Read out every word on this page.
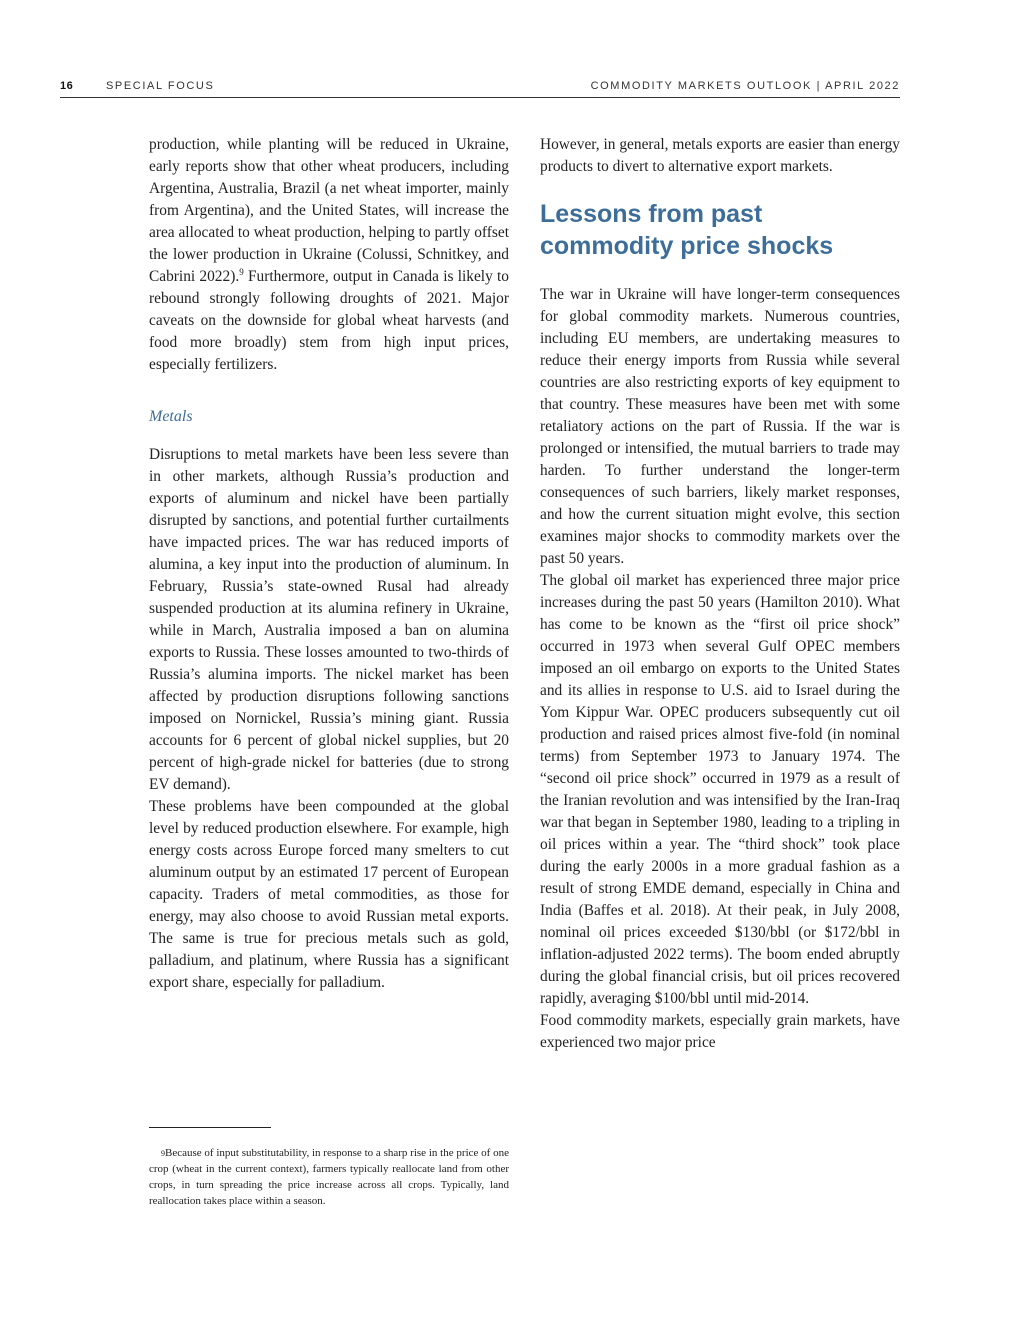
16	SPECIAL FOCUS	COMMODITY MARKETS OUTLOOK | APRIL 2022

production, while planting will be reduced in Ukraine, early reports show that other wheat producers, including Argentina, Australia, Brazil (a net wheat importer, mainly from Argentina), and the United States, will increase the area allocated to wheat production, helping to partly offset the lower production in Ukraine (Colussi, Schnitkey, and Cabrini 2022).$^9$ Furthermore, output in Canada is likely to rebound strongly following droughts of 2021. Major caveats on the downside for global wheat harvests (and food more broadly) stem from high input prices, especially fertilizers.

Metals

Disruptions to metal markets have been less severe than in other markets, although Russia’s production and exports of aluminum and nickel have been partially disrupted by sanctions, and potential further curtailments have impacted prices. The war has reduced imports of alumina, a key input into the production of aluminum. In February, Russia’s state-owned Rusal had already suspended production at its alumina refinery in Ukraine, while in March, Australia imposed a ban on alumina exports to Russia. These losses amounted to two-thirds of Russia’s alumina imports. The nickel market has been affected by production disruptions following sanctions imposed on Nornickel, Russia’s mining giant. Russia accounts for 6 percent of global nickel supplies, but 20 percent of high-grade nickel for batteries (due to strong EV demand).

These problems have been compounded at the global level by reduced production elsewhere. For example, high energy costs across Europe forced many smelters to cut aluminum output by an estimated 17 percent of European capacity. Traders of metal commodities, as those for energy, may also choose to avoid Russian metal exports. The same is true for precious metals such as gold, palladium, and platinum, where Russia has a significant export share, especially for palladium.

$^9$Because of input substitutability, in response to a sharp rise in the price of one crop (wheat in the current context), farmers typically reallocate land from other crops, in turn spreading the price increase across all crops. Typically, land reallocation takes place within a season.

However, in general, metals exports are easier than energy products to divert to alternative export markets.

Lessons from past
commodity price shocks

The war in Ukraine will have longer-term consequences for global commodity markets. Numerous countries, including EU members, are undertaking measures to reduce their energy imports from Russia while several countries are also restricting exports of key equipment to that country. These measures have been met with some retaliatory actions on the part of Russia. If the war is prolonged or intensified, the mutual barriers to trade may harden. To further understand the longer-term consequences of such barriers, likely market responses, and how the current situation might evolve, this section examines major shocks to commodity markets over the past 50 years.

The global oil market has experienced three major price increases during the past 50 years (Hamilton 2010). What has come to be known as the “first oil price shock” occurred in 1973 when several Gulf OPEC members imposed an oil embargo on exports to the United States and its allies in response to U.S. aid to Israel during the Yom Kippur War. OPEC producers subsequently cut oil production and raised prices almost five-fold (in nominal terms) from September 1973 to January 1974. The “second oil price shock” occurred in 1979 as a result of the Iranian revolution and was intensified by the Iran-Iraq war that began in September 1980, leading to a tripling in oil prices within a year. The “third shock” took place during the early 2000s in a more gradual fashion as a result of strong EMDE demand, especially in China and India (Baffes et al. 2018). At their peak, in July 2008, nominal oil prices exceeded $130/bbl (or $172/bbl in inflation-adjusted 2022 terms). The boom ended abruptly during the global financial crisis, but oil prices recovered rapidly, averaging $100/bbl until mid-2014.

Food commodity markets, especially grain markets, have experienced two major price
